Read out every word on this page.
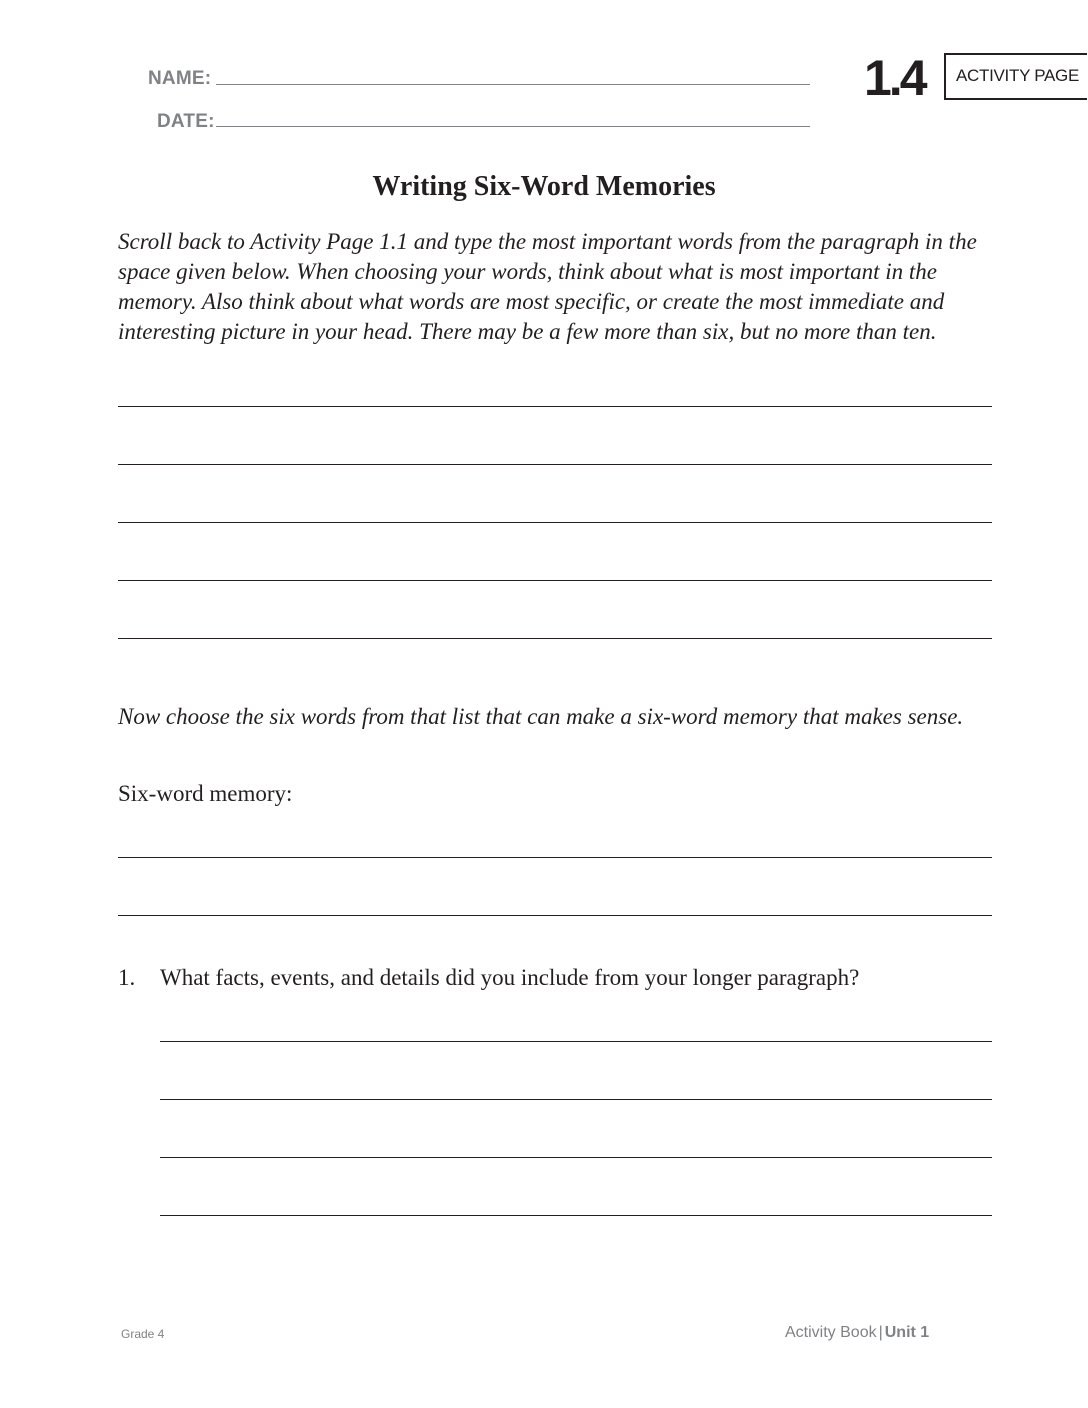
NAME:
DATE:
1.4 ACTIVITY PAGE
Writing Six-Word Memories

Scroll back to Activity Page 1.1 and type the most important words from the paragraph in the space given below. When choosing your words, think about what is most important in the memory. Also think about what words are most specific, or create the most immediate and interesting picture in your head. There may be a few more than six, but no more than ten.

Now choose the six words from that list that can make a six-word memory that makes sense.
Six-word memory:
1. What facts, events, and details did you include from your longer paragraph?
Grade 4	Activity Book | Unit 1
